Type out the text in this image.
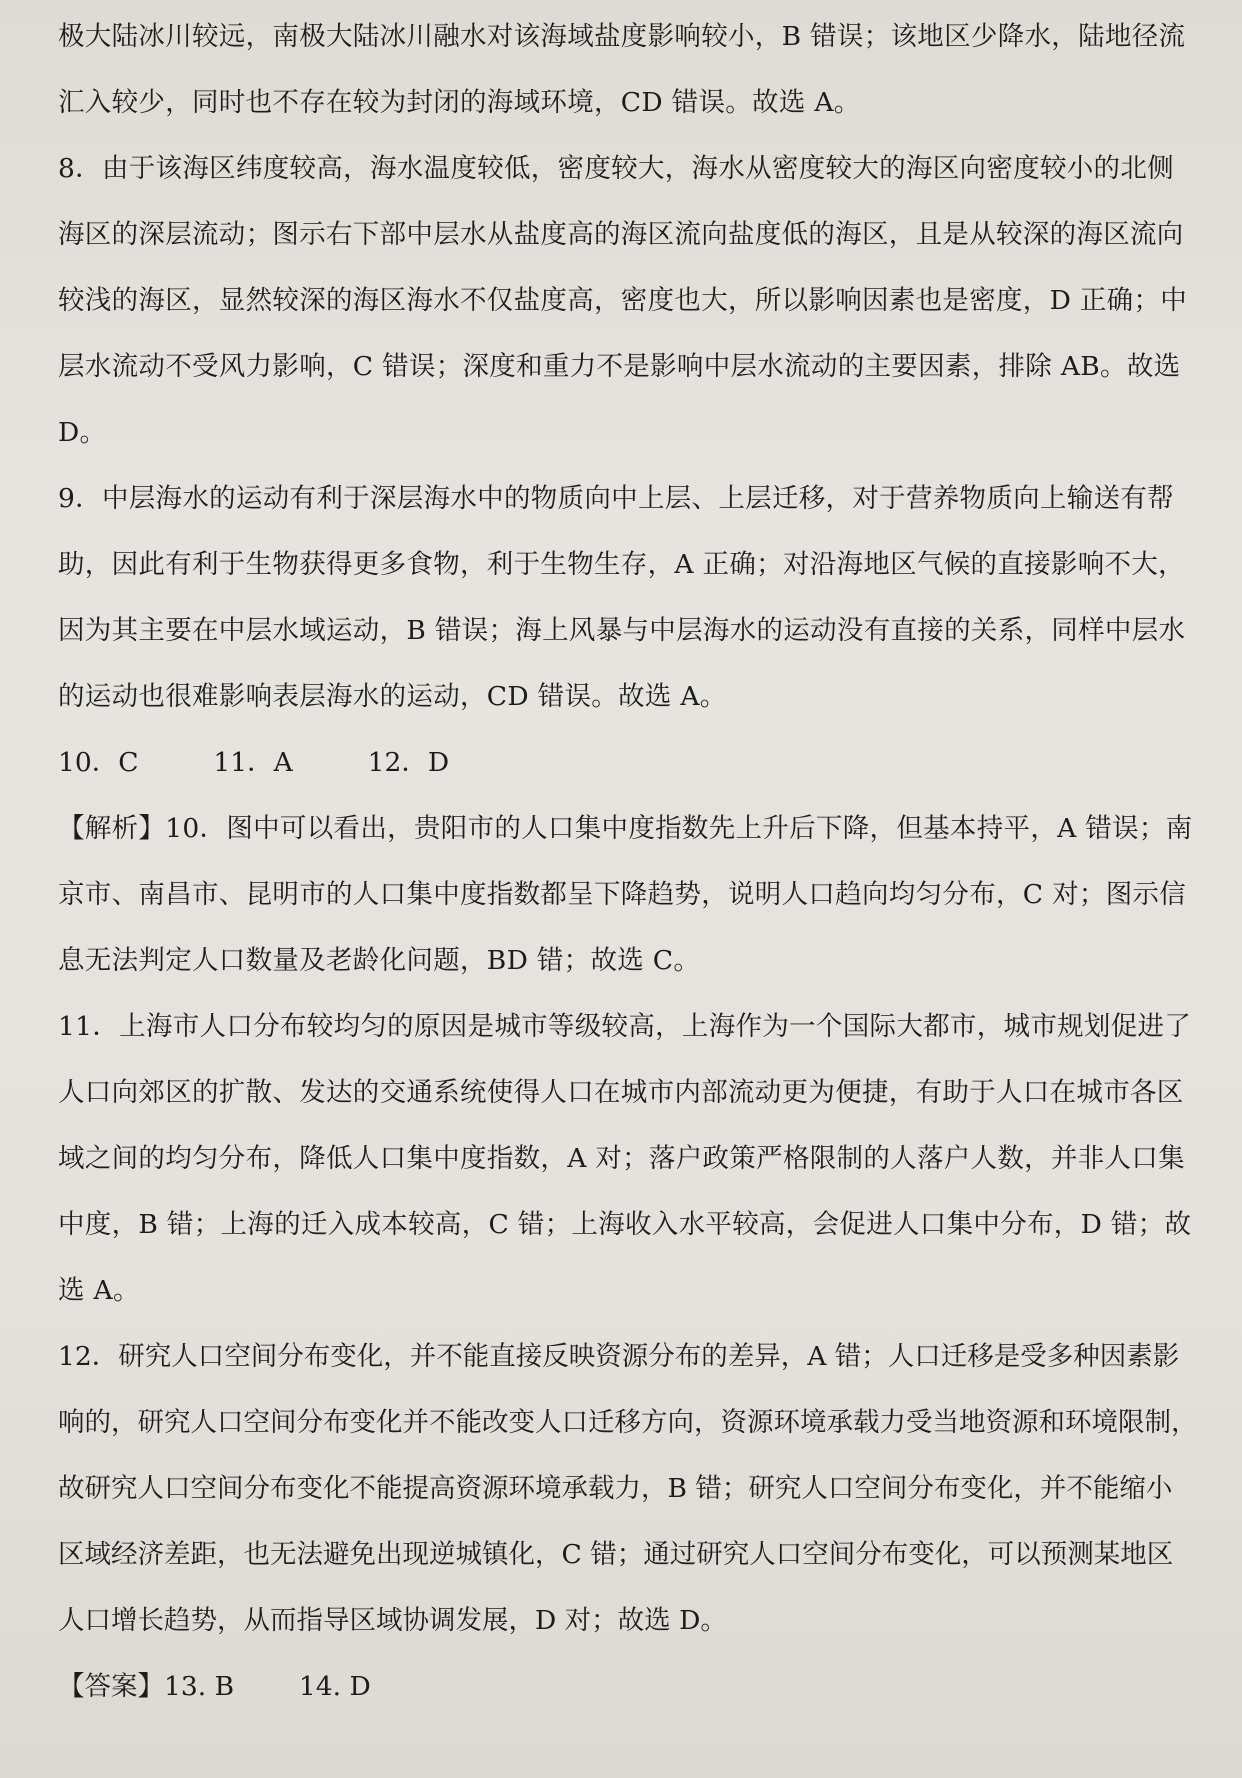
极大陆冰川较远，南极大陆冰川融水对该海域盐度影响较小，B 错误；该地区少降水，陆地径流
汇入较少，同时也不存在较为封闭的海域环境，CD 错误。故选 A。
8．由于该海区纬度较高，海水温度较低，密度较大，海水从密度较大的海区向密度较小的北侧
海区的深层流动；图示右下部中层水从盐度高的海区流向盐度低的海区，且是从较深的海区流向
较浅的海区，显然较深的海区海水不仅盐度高，密度也大，所以影响因素也是密度，D 正确；中
层水流动不受风力影响，C 错误；深度和重力不是影响中层水流动的主要因素，排除 AB。故选
D。
9．中层海水的运动有利于深层海水中的物质向中上层、上层迁移，对于营养物质向上输送有帮
助，因此有利于生物获得更多食物，利于生物生存，A 正确；对沿海地区气候的直接影响不大，
因为其主要在中层水域运动，B 错误；海上风暴与中层海水的运动没有直接的关系，同样中层水
的运动也很难影响表层海水的运动，CD 错误。故选 A。
10．C	11．A	12．D
【解析】10．图中可以看出，贵阳市的人口集中度指数先上升后下降，但基本持平，A 错误；南
京市、南昌市、昆明市的人口集中度指数都呈下降趋势，说明人口趋向均匀分布，C 对；图示信
息无法判定人口数量及老龄化问题，BD 错；故选 C。
11．上海市人口分布较均匀的原因是城市等级较高，上海作为一个国际大都市，城市规划促进了
人口向郊区的扩散、发达的交通系统使得人口在城市内部流动更为便捷，有助于人口在城市各区
域之间的均匀分布，降低人口集中度指数，A 对；落户政策严格限制的人落户人数，并非人口集
中度，B 错；上海的迁入成本较高，C 错；上海收入水平较高，会促进人口集中分布，D 错；故
选 A。
12．研究人口空间分布变化，并不能直接反映资源分布的差异，A 错；人口迁移是受多种因素影
响的，研究人口空间分布变化并不能改变人口迁移方向，资源环境承载力受当地资源和环境限制，
故研究人口空间分布变化不能提高资源环境承载力，B 错；研究人口空间分布变化，并不能缩小
区域经济差距，也无法避免出现逆城镇化，C 错；通过研究人口空间分布变化，可以预测某地区
人口增长趋势，从而指导区域协调发展，D 对；故选 D。
【答案】13. B 14. D
